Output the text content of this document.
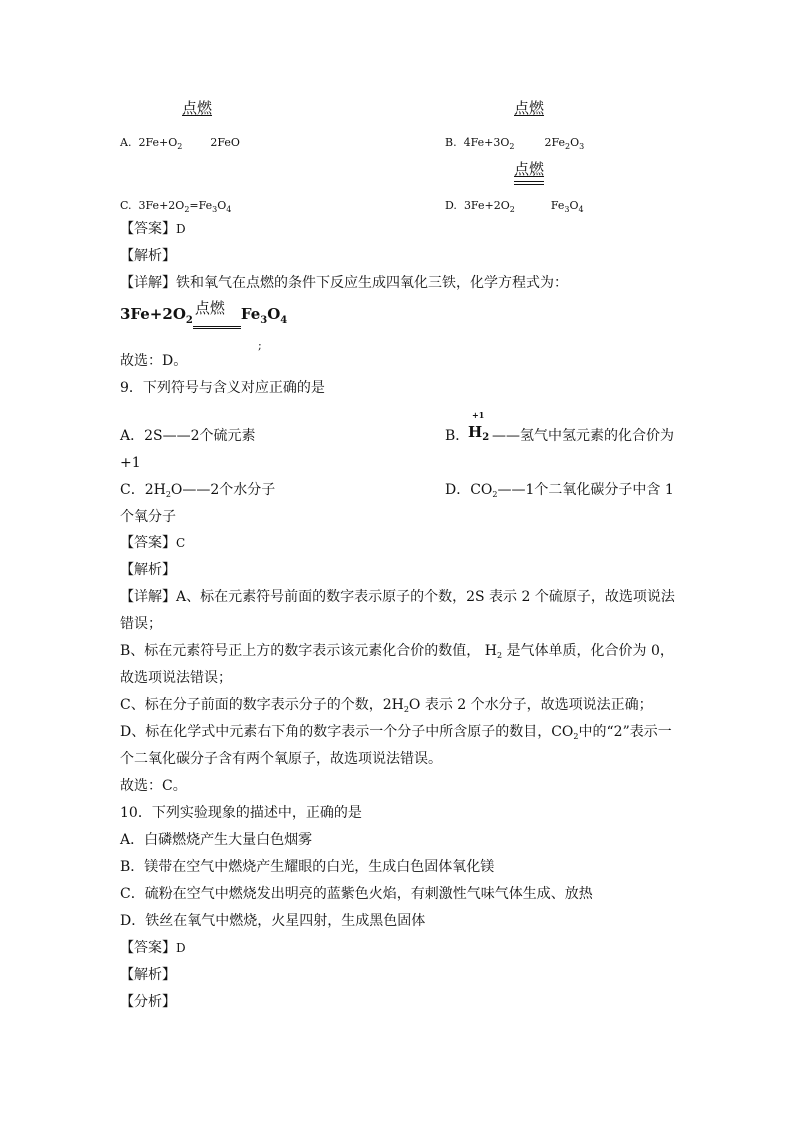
点燃	点燃
A. $2Fe+O_2$	2FeO	B. $4Fe+3O_2$	$2Fe_2O_3$
点燃
C. $3Fe+2O_2=Fe_3O_4$	D. $3Fe+2O_2$	$Fe_3O_4$
【答案】D
【解析】
【详解】铁和氧气在点燃的条件下反应生成四氧化三铁，化学方程式为：
$3Fe+2O_2$
点燃 $Fe_3O_4$
;
故选：D。
9．下列符号与含义对应正确的是
A．2S——2个硫元素	B．
+1
$H_2$ ——氢气中氢元素的化合价为
+1
C．$2H_2O——2$个水分子	D．$CO_2——1$个二氧化碳分子中含 1
个氧分子
【答案】C
【解析】
【详解】A、标在元素符号前面的数字表示原子的个数，2S 表示 2 个硫原子，故选项说法
错误；
B、标在元素符号正上方的数字表示该元素化合价的数值， $H_2$ 是气体单质，化合价为 0，
故选项说法错误；
C、标在分子前面的数字表示分子的个数，$2H_2O$ 表示 2 个水分子，故选项说法正确；
D、标在化学式中元素右下角的数字表示一个分子中所含原子的数目，$CO_2$中的“2”表示一
个二氧化碳分子含有两个氧原子，故选项说法错误。
故选：C。
10．下列实验现象的描述中，正确的是
A．白磷燃烧产生大量白色烟雾
B．镁带在空气中燃烧产生耀眼的白光，生成白色固体氧化镁
C．硫粉在空气中燃烧发出明亮的蓝紫色火焰，有刺激性气味气体生成、放热
D．铁丝在氧气中燃烧，火星四射，生成黑色固体
【答案】D
【解析】
【分析】
